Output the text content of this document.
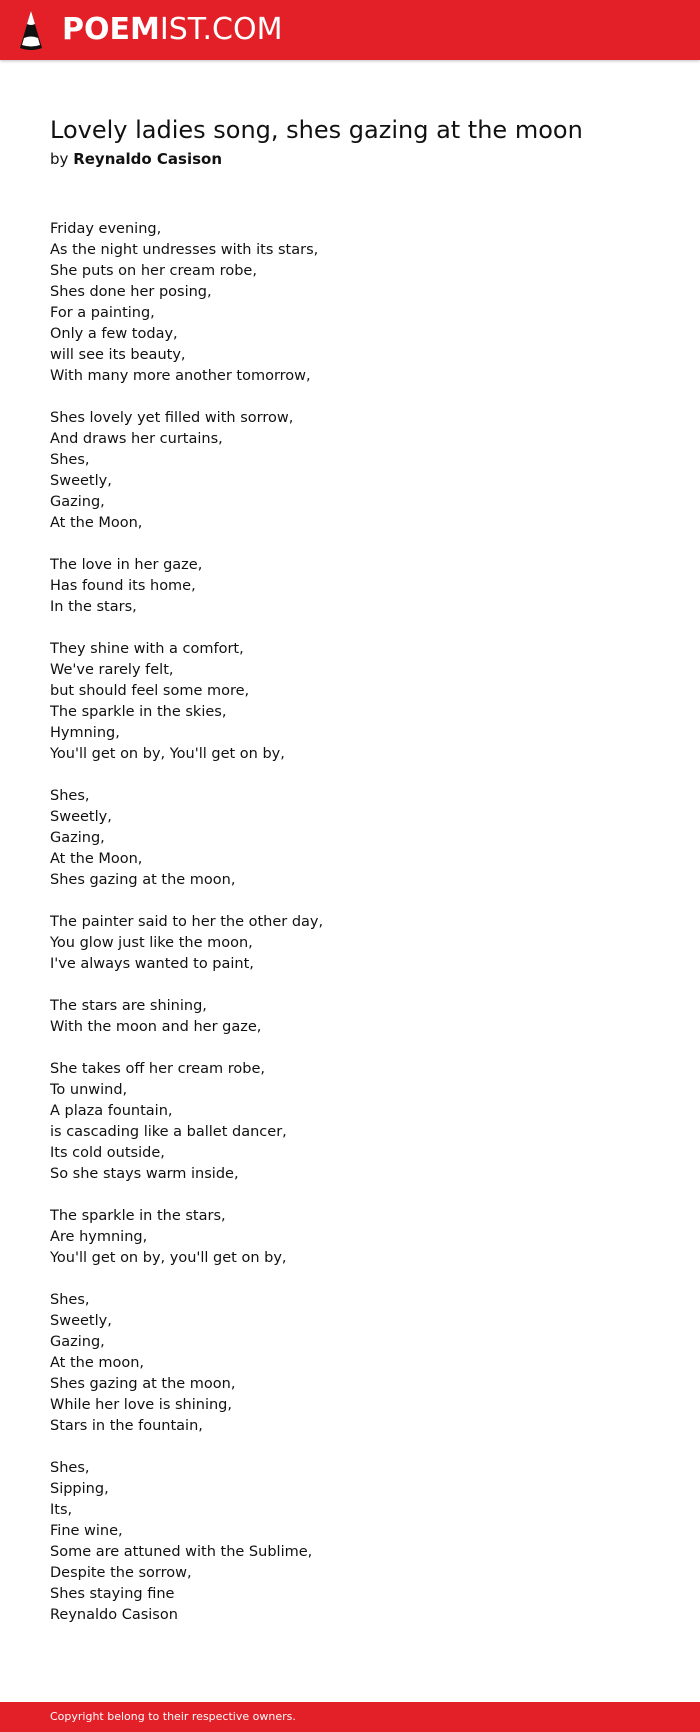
POEMIST.COM
Lovely ladies song, shes gazing at the moon
by Reynaldo Casison
Friday evening,
As the night undresses with its stars,
She puts on her cream robe,
Shes done her posing,
For a painting,
Only a few today,
will see its beauty,
With many more another tomorrow,
Shes lovely yet filled with sorrow,
And draws her curtains,
Shes,
Sweetly,
Gazing,
At the Moon,
The love in her gaze,
Has found its home,
In the stars,
They shine with a comfort,
We've rarely felt,
but should feel some more,
The sparkle in the skies,
Hymning,
You'll get on by, You'll get on by,
Shes,
Sweetly,
Gazing,
At the Moon,
Shes gazing at the moon,
The painter said to her the other day,
You glow just like the moon,
I've always wanted to paint,
The stars are shining,
With the moon and her gaze,
She takes off her cream robe,
To unwind,
A plaza fountain,
is cascading like a ballet dancer,
Its cold outside,
So she stays warm inside,
The sparkle in the stars,
Are hymning,
You'll get on by, you'll get on by,
Shes,
Sweetly,
Gazing,
At the moon,
Shes gazing at the moon,
While her love is shining,
Stars in the fountain,
Shes,
Sipping,
Its,
Fine wine,
Some are attuned with the Sublime,
Despite the sorrow,
Shes staying fine
Reynaldo Casison
Copyright belong to their respective owners.
